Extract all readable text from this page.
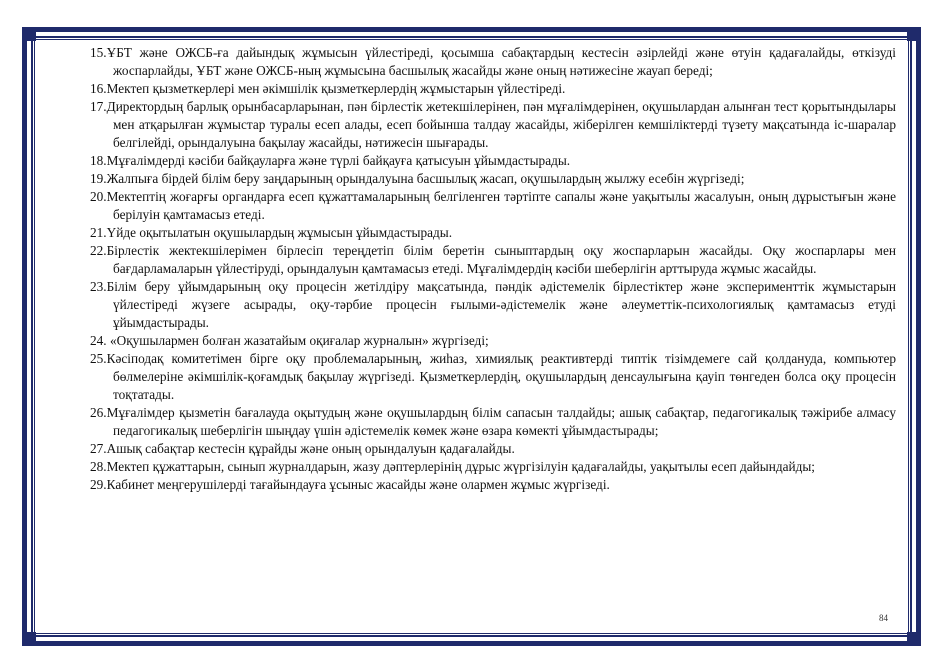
15.ҰБТ және ОЖСБ-ға дайындық жұмысын үйлестіреді, қосымша сабақтардың кестесін әзірлейді және өтуін қадағалайды, өткізуді жоспарлайды, ҰБТ және ОЖСБ-ның жұмысына басшылық жасайды және оның нәтижесіне жауап береді;
16.Мектеп қызметкерлері мен әкімшілік қызметкерлердің жұмыстарын үйлестіреді.
17.Директордың барлық орынбасарларынан, пән бірлестік жетекшілерінен, пән мұғалімдерінен, оқушылардан алынған тест қорытындылары мен атқарылған жұмыстар туралы есеп алады, есеп бойынша талдау жасайды, жіберілген кемшіліктерді түзету мақсатында іс-шаралар белгілейді, орындалуына бақылау жасайды, нәтижесін шығарады.
18.Мұғалімдерді кәсіби байқауларға және түрлі байқауға қатысуын ұйымдастырады.
19.Жалпыға бірдей білім беру заңдарының орындалуына басшылық жасап, оқушылардың жылжу есебін жүргізеді;
20.Мектептің жоғарғы органдарға есеп құжаттамаларының белгіленген тәртіпте сапалы және уақытылы жасалуын, оның дұрыстығын және берілуін қамтамасыз етеді.
21.Үйде оқытылатын оқушылардың жұмысын ұйымдастырады.
22.Бірлестік жектекшілерімен бірлесіп тереңдетіп білім беретін сыныптардың оқу жоспарларын жасайды. Оқу жоспарлары мен бағдарламаларын үйлестіруді, орындалуын қамтамасыз етеді. Мұғалімдердің кәсіби шеберлігін арттыруда жұмыс жасайды.
23.Білім беру ұйымдарының оқу процесін жетілдіру мақсатында, пәндік әдістемелік бірлестіктер және эксперименттік жұмыстарын үйлестіреді жүзеге асырады, оқу-тәрбие процесін ғылыми-әдістемелік және әлеуметтік-психологиялық қамтамасыз етуді ұйымдастырады.
24. «Оқушылармен болған жазатайым оқиғалар журналын» жүргізеді;
25.Кәсіподақ комитетімен бірге оқу проблемаларының, жиһаз, химиялық реактивтерді типтік тізімдемеге сай қолдануда, компьютер бөлмелеріне әкімшілік-қоғамдық бақылау жүргізеді. Қызметкерлердің, оқушылардың денсаулығына қауіп төнгеден болса оқу процесін тоқтатады.
26.Мұғалімдер қызметін бағалауда оқытудың және оқушылардың білім сапасын талдайды; ашық сабақтар, педагогикалық тәжірибе алмасу педагогикалық шеберлігін шыңдау үшін әдістемелік көмек және өзара көмекті ұйымдастырады;
27.Ашық сабақтар кестесін құрайды және оның орындалуын қадағалайды.
28.Мектеп құжаттарын, сынып журналдарын, жазу дәптерлерінің дұрыс жүргізілуін қадағалайды, уақытылы есеп дайындайды;
29.Кабинет меңгерушілерді тағайындауға ұсыныс жасайды және олармен жұмыс жүргізеді.
84
